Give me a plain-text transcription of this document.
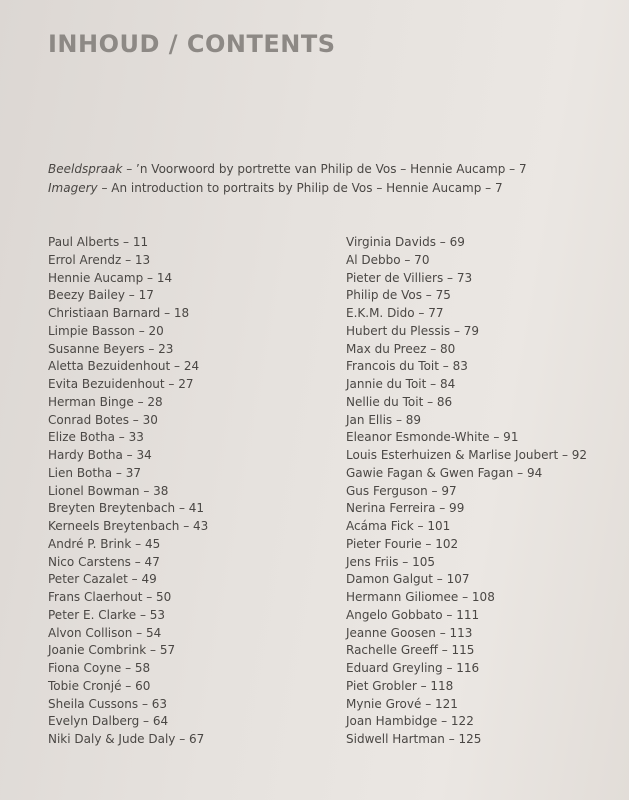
INHOUD / CONTENTS
Beeldspraak – ’n Voorwoord by portrette van Philip de Vos – Hennie Aucamp – 7
Imagery – An introduction to portraits by Philip de Vos – Hennie Aucamp – 7
Paul Alberts – 11
Errol Arendz – 13
Hennie Aucamp – 14
Beezy Bailey – 17
Christiaan Barnard – 18
Limpie Basson – 20
Susanne Beyers – 23
Aletta Bezuidenhout – 24
Evita Bezuidenhout – 27
Herman Binge – 28
Conrad Botes – 30
Elize Botha – 33
Hardy Botha – 34
Lien Botha – 37
Lionel Bowman – 38
Breyten Breytenbach – 41
Kerneels Breytenbach – 43
André P. Brink – 45
Nico Carstens – 47
Peter Cazalet – 49
Frans Claerhout – 50
Peter E. Clarke – 53
Alvon Collison – 54
Joanie Combrink – 57
Fiona Coyne – 58
Tobie Cronjé – 60
Sheila Cussons – 63
Evelyn Dalberg – 64
Niki Daly & Jude Daly – 67
Virginia Davids – 69
Al Debbo – 70
Pieter de Villiers – 73
Philip de Vos – 75
E.K.M. Dido – 77
Hubert du Plessis – 79
Max du Preez – 80
Francois du Toit – 83
Jannie du Toit – 84
Nellie du Toit – 86
Jan Ellis – 89
Eleanor Esmonde-White – 91
Louis Esterhuizen & Marlise Joubert – 92
Gawie Fagan & Gwen Fagan – 94
Gus Ferguson – 97
Nerina Ferreira – 99
Acáma Fick – 101
Pieter Fourie – 102
Jens Friis – 105
Damon Galgut – 107
Hermann Giliomee – 108
Angelo Gobbato – 111
Jeanne Goosen – 113
Rachelle Greeff – 115
Eduard Greyling – 116
Piet Grobler – 118
Mynie Grové – 121
Joan Hambidge – 122
Sidwell Hartman – 125
